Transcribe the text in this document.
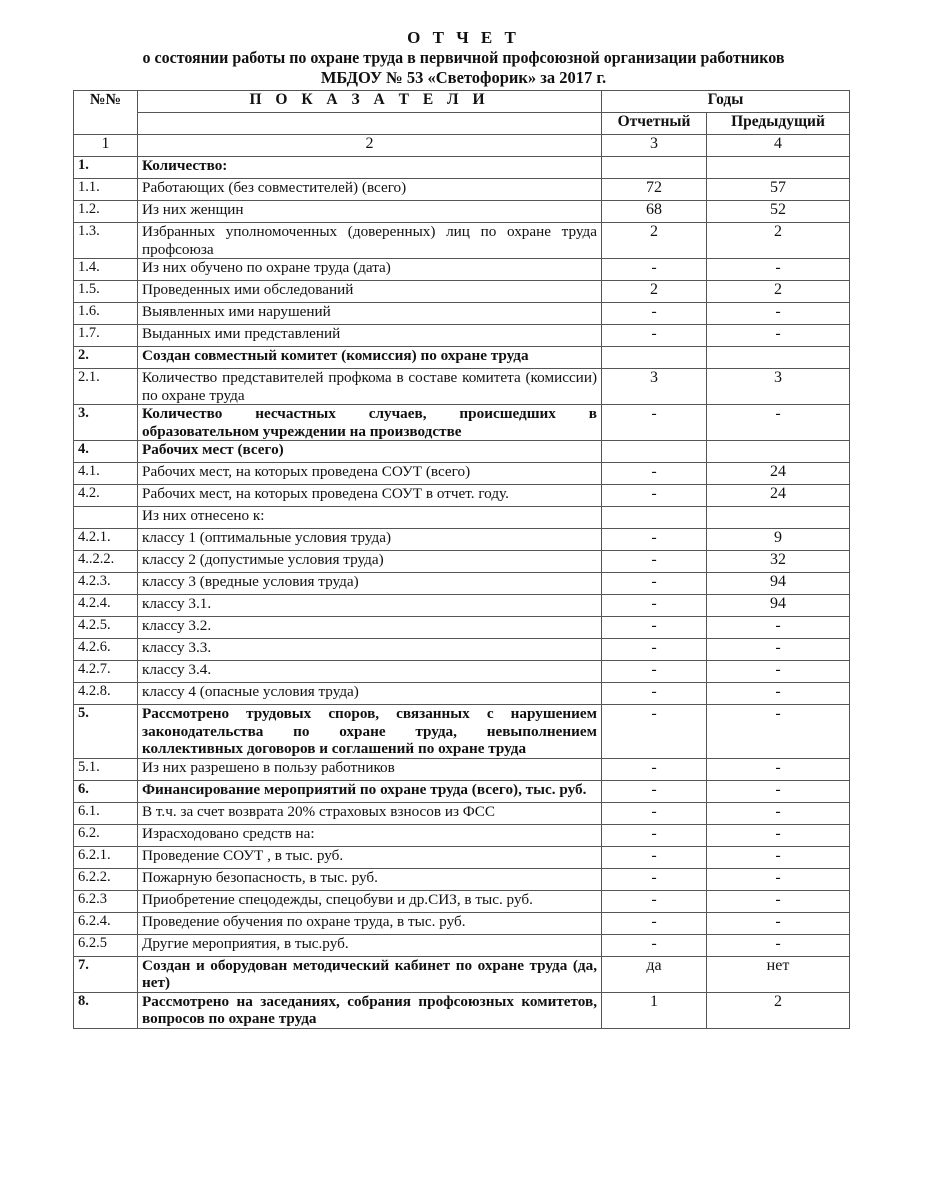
О Т Ч Е Т
о состоянии работы по охране труда в первичной профсоюзной организации работников
МБДОУ № 53 «Светофорик» за 2017 г.
№№	П О К А З А Т Е Л И	Годы	
		Отчетный	Предыдущий
1	2	3	4
1.	Количество:		
1.1.	Работающих (без совместителей) (всего)	72	57
1.2.	Из них женщин	68	52
1.3.	Избранных уполномоченных (доверенных) лиц по охране труда профсоюза	2	2
1.4.	Из них обучено по охране труда (дата)	-	-
1.5.	Проведенных ими обследований	2	2
1.6.	Выявленных ими нарушений	-	-
1.7.	Выданных ими представлений	-	-
2.	Создан совместный комитет (комиссия) по охране труда		
2.1.	Количество представителей профкома в составе комитета (комиссии) по охране труда	3	3
3.	Количество несчастных случаев, происшедших в образовательном учреждении на производстве	-	-
4.	Рабочих мест (всего)		
4.1.	Рабочих мест, на которых проведена СОУТ (всего)	-	24
4.2.	Рабочих мест, на которых проведена СОУТ в отчет. году.	-	24
	Из них отнесено к:		
4.2.1.	классу 1 (оптимальные условия труда)	-	9
4..2.2.	классу 2 (допустимые условия труда)	-	32
4.2.3.	классу 3 (вредные условия труда)	-	94
4.2.4.	классу 3.1.	-	94
4.2.5.	классу 3.2.	-	-
4.2.6.	классу 3.3.	-	-
4.2.7.	классу 3.4.	-	-
4.2.8.	классу 4 (опасные условия труда)	-	-
5.	Рассмотрено трудовых споров, связанных с нарушением законодательства по охране труда, невыполнением коллективных договоров и соглашений по охране труда	-	-
5.1.	Из них разрешено в пользу работников	-	-
6.	Финансирование мероприятий по охране труда (всего), тыс. руб.	-	-
6.1.	В т.ч. за счет возврата 20% страховых взносов из ФСС	-	-
6.2.	Израсходовано средств на:	-	-
6.2.1.	Проведение СОУТ , в тыс. руб.	-	-
6.2.2.	Пожарную безопасность, в тыс. руб.	-	-
6.2.3	Приобретение спецодежды, спецобуви и др.СИЗ, в тыс. руб.	-	-
6.2.4.	Проведение обучения по охране труда, в тыс. руб.	-	-
6.2.5	Другие мероприятия, в тыс.руб.	-	-
7.	Создан и оборудован методический кабинет по охране труда (да, нет)	да	нет
8.	Рассмотрено на заседаниях, собрания профсоюзных комитетов, вопросов по охране труда	1	2
